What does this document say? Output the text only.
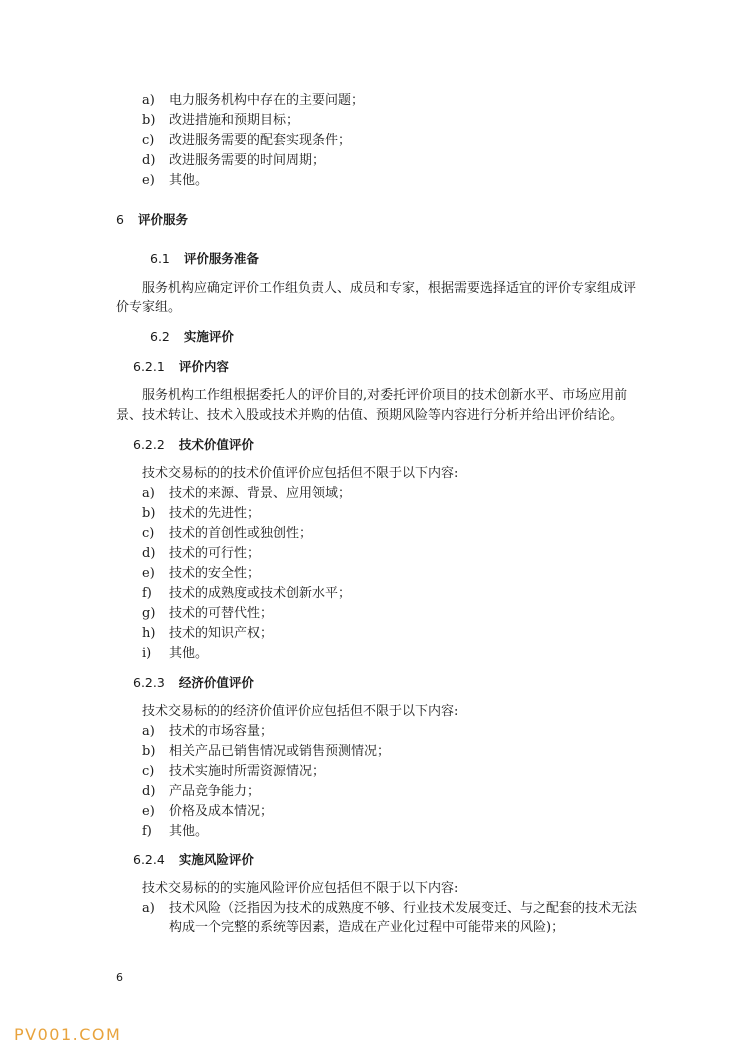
a) 电力服务机构中存在的主要问题；
b) 改进措施和预期目标；
c) 改进服务需要的配套实现条件；
d) 改进服务需要的时间周期；
e) 其他。
6 评价服务
6.1 评价服务准备
服务机构应确定评价工作组负责人、成员和专家，根据需要选择适宜的评价专家组成评
价专家组。
6.2 实施评价
6.2.1 评价内容
服务机构工作组根据委托人的评价目的,对委托评价项目的技术创新水平、市场应用前
景、技术转让、技术入股或技术并购的估值、预期风险等内容进行分析并给出评价结论。
6.2.2 技术价值评价
技术交易标的的技术价值评价应包括但不限于以下内容:
a) 技术的来源、背景、应用领域；
b) 技术的先进性；
c) 技术的首创性或独创性；
d) 技术的可行性；
e) 技术的安全性；
f) 技术的成熟度或技术创新水平；
g) 技术的可替代性；
h) 技术的知识产权；
i) 其他。
6.2.3 经济价值评价
技术交易标的的经济价值评价应包括但不限于以下内容:
a) 技术的市场容量；
b) 相关产品已销售情况或销售预测情况；
c) 技术实施时所需资源情况；
d) 产品竞争能力；
e) 价格及成本情况；
f) 其他。
6.2.4 实施风险评价
技术交易标的的实施风险评价应包括但不限于以下内容:
a) 技术风险（泛指因为技术的成熟度不够、行业技术发展变迁、与之配套的技术无法
构成一个完整的系统等因素，造成在产业化过程中可能带来的风险)；
6
PV001.COM
